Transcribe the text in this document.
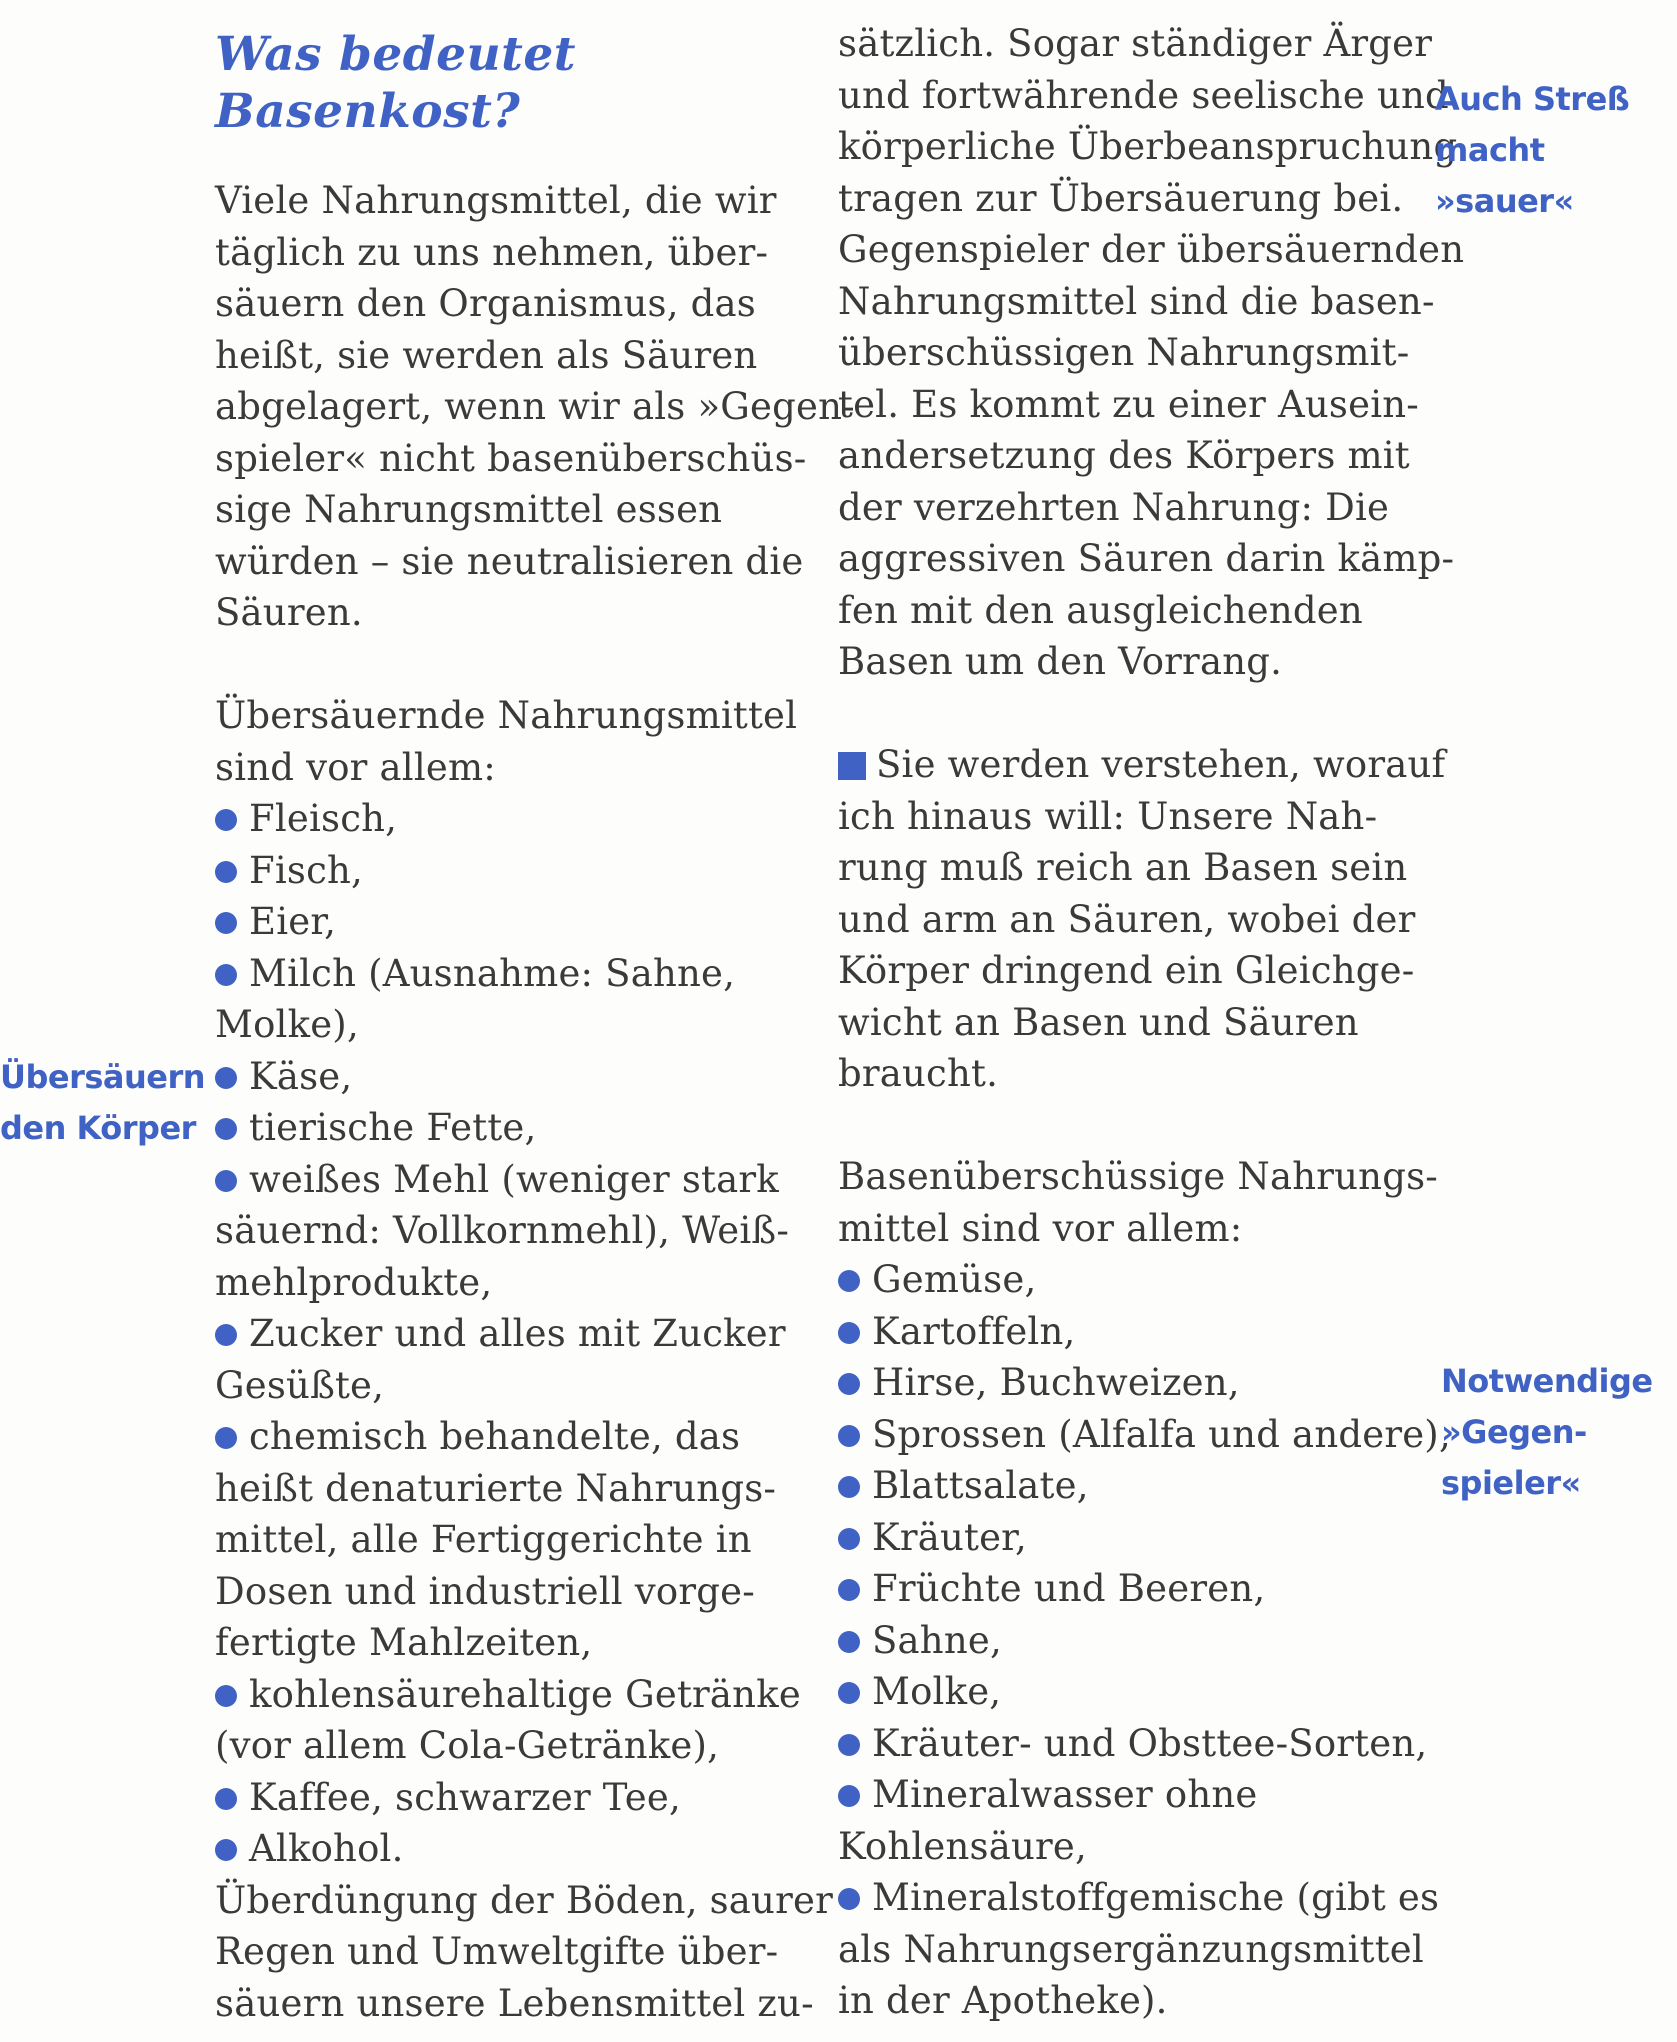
Was bedeutet
Basenkost?
Viele Nahrungsmittel, die wir
täglich zu uns nehmen, über-
säuern den Organismus, das
heißt, sie werden als Säuren
abgelagert, wenn wir als »Gegen-
spieler« nicht basenüberschüs-
sige Nahrungsmittel essen
würden – sie neutralisieren die
Säuren.
Übersäuernde Nahrungsmittel
sind vor allem:
Fleisch,
Fisch,
Eier,
Milch (Ausnahme: Sahne,
Molke),
Käse,
tierische Fette,
weißes Mehl (weniger stark
säuernd: Vollkornmehl), Weiß-
mehlprodukte,
Zucker und alles mit Zucker
Gesüßte,
chemisch behandelte, das
heißt denaturierte Nahrungs-
mittel, alle Fertiggerichte in
Dosen und industriell vorge-
fertigte Mahlzeiten,
kohlensäurehaltige Getränke
(vor allem Cola-Getränke),
Kaffee, schwarzer Tee,
Alkohol.
Überdüngung der Böden, saurer
Regen und Umweltgifte über-
säuern unsere Lebensmittel zu-
sätzlich. Sogar ständiger Ärger
und fortwährende seelische und
körperliche Überbeanspruchung
tragen zur Übersäuerung bei.
Gegenspieler der übersäuernden
Nahrungsmittel sind die basen-
überschüssigen Nahrungsmit-
tel. Es kommt zu einer Ausein-
andersetzung des Körpers mit
der verzehrten Nahrung: Die
aggressiven Säuren darin kämp-
fen mit den ausgleichenden
Basen um den Vorrang.
Sie werden verstehen, worauf
ich hinaus will: Unsere Nah-
rung muß reich an Basen sein
und arm an Säuren, wobei der
Körper dringend ein Gleichge-
wicht an Basen und Säuren
braucht.
Basenüberschüssige Nahrungs-
mittel sind vor allem:
Gemüse,
Kartoffeln,
Hirse, Buchweizen,
Sprossen (Alfalfa und andere),
Blattsalate,
Kräuter,
Früchte und Beeren,
Sahne,
Molke,
Kräuter- und Obsttee-Sorten,
Mineralwasser ohne
Kohlensäure,
Mineralstoffgemische (gibt es
als Nahrungsergänzungsmittel
in der Apotheke).

Auch Streß
macht
»sauer«

Übersäuern
den Körper

Notwendige
»Gegen-
spieler«
